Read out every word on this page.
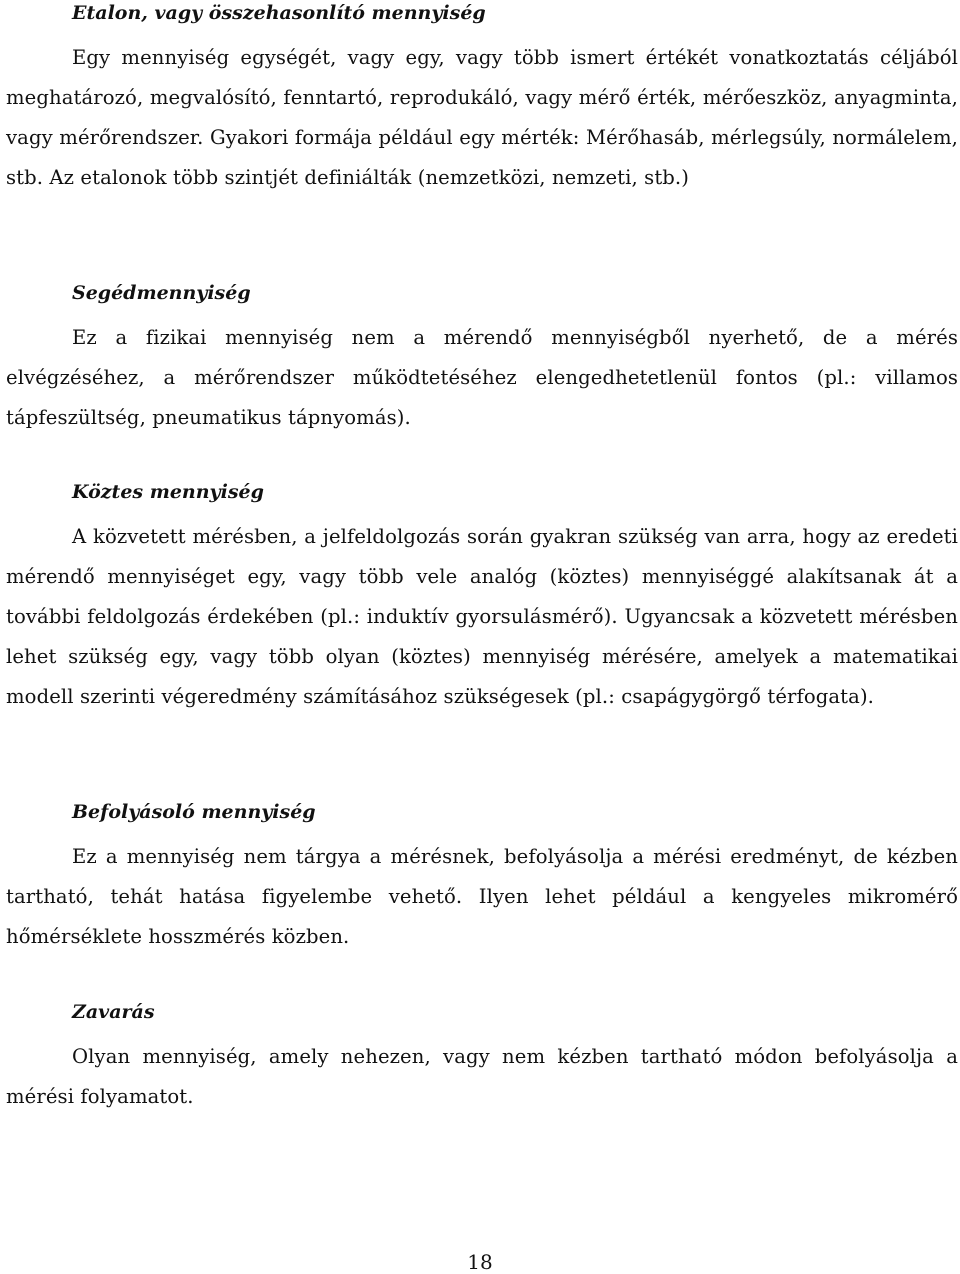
Etalon, vagy összehasonlító mennyiség

Egy mennyiség egységét, vagy egy, vagy több ismert értékét vonatkoztatás céljából meghatározó, megvalósító, fenntartó, reprodukáló, vagy mérő érték, mérőeszköz, anyagminta, vagy mérőrendszer. Gyakori formája például egy mérték: Mérőhasáb, mérlegsúly, normálelem, stb. Az etalonok több szintjét definiálták (nemzetközi, nemzeti, stb.)

Segédmennyiség

Ez a fizikai mennyiség nem a mérendő mennyiségből nyerhető, de a mérés elvégzéséhez, a mérőrendszer működtetéséhez elengedhetetlenül fontos (pl.: villamos tápfeszültség, pneumatikus tápnyomás).

Köztes mennyiség

A közvetett mérésben, a jelfeldolgozás során gyakran szükség van arra, hogy az eredeti mérendő mennyiséget egy, vagy több vele analóg (köztes) mennyiséggé alakítsanak át a további feldolgozás érdekében (pl.: induktív gyorsulásmérő). Ugyancsak a közvetett mérésben lehet szükség egy, vagy több olyan (köztes) mennyiség mérésére, amelyek a matematikai modell szerinti végeredmény számításához szükségesek (pl.: csapágygörgő térfogata).

Befolyásoló mennyiség

Ez a mennyiség nem tárgya a mérésnek, befolyásolja a mérési eredményt, de kézben tartható, tehát hatása figyelembe vehető. Ilyen lehet például a kengyeles mikromérő hőmérséklete hosszmérés közben.

Zavarás

Olyan mennyiség, amely nehezen, vagy nem kézben tartható módon befolyásolja a mérési folyamatot.

18
